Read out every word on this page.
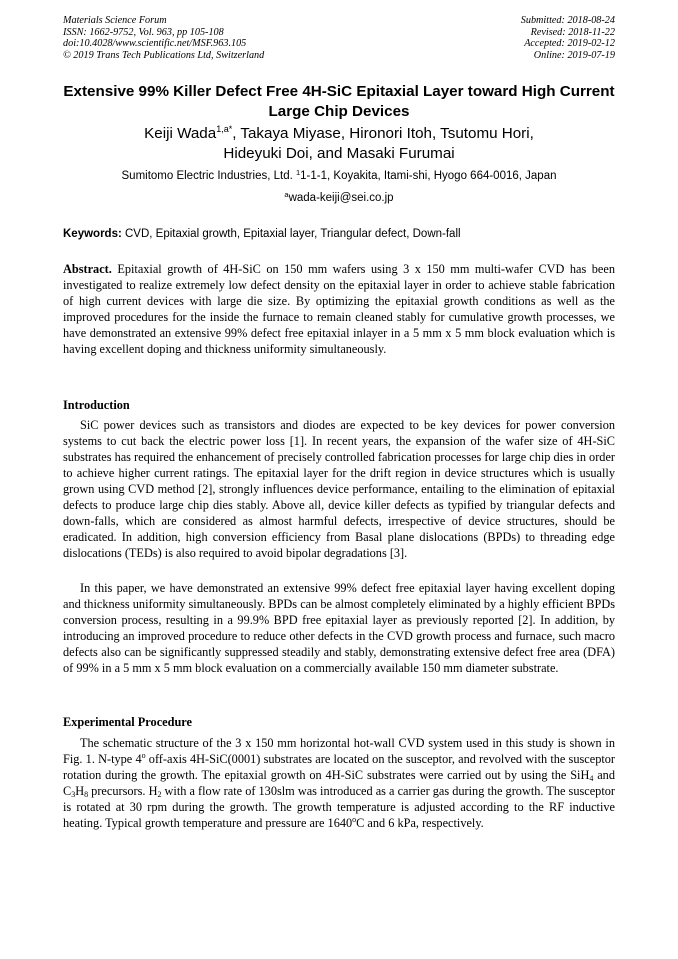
Materials Science Forum
ISSN: 1662-9752, Vol. 963, pp 105-108
doi:10.4028/www.scientific.net/MSF.963.105
© 2019 Trans Tech Publications Ltd, Switzerland
Submitted: 2018-08-24
Revised: 2018-11-22
Accepted: 2019-02-12
Online: 2019-07-19
Extensive 99% Killer Defect Free 4H-SiC Epitaxial Layer toward High Current Large Chip Devices
Keiji Wada$^{1,a*}$, Takaya Miyase, Hironori Itoh, Tsutomu Hori,
Hideyuki Doi, and Masaki Furumai
Sumitomo Electric Industries, Ltd. $^1$1-1-1, Koyakita, Itami-shi, Hyogo 664-0016, Japan
$^a$wada-keiji@sei.co.jp
Keywords: CVD, Epitaxial growth, Epitaxial layer, Triangular defect, Down-fall
Abstract. Epitaxial growth of 4H-SiC on 150 mm wafers using 3 x 150 mm multi-wafer CVD has been investigated to realize extremely low defect density on the epitaxial layer in order to achieve stable fabrication of high current devices with large die size. By optimizing the epitaxial growth conditions as well as the improved procedures for the inside the furnace to remain cleaned stably for cumulative growth processes, we have demonstrated an extensive 99% defect free epitaxial inlayer in a 5 mm x 5 mm block evaluation which is having excellent doping and thickness uniformity simultaneously.
Introduction
SiC power devices such as transistors and diodes are expected to be key devices for power conversion systems to cut back the electric power loss [1]. In recent years, the expansion of the wafer size of 4H-SiC substrates has required the enhancement of precisely controlled fabrication processes for large chip dies in order to achieve higher current ratings. The epitaxial layer for the drift region in device structures which is usually grown using CVD method [2], strongly influences device performance, entailing to the elimination of epitaxial defects to produce large chip dies stably. Above all, device killer defects as typified by triangular defects and down-falls, which are considered as almost harmful defects, irrespective of device structures, should be eradicated. In addition, high conversion efficiency from Basal plane dislocations (BPDs) to threading edge dislocations (TEDs) is also required to avoid bipolar degradations [3].
In this paper, we have demonstrated an extensive 99% defect free epitaxial layer having excellent doping and thickness uniformity simultaneously. BPDs can be almost completely eliminated by a highly efficient BPDs conversion process, resulting in a 99.9% BPD free epitaxial layer as previously reported [2]. In addition, by introducing an improved procedure to reduce other defects in the CVD growth process and furnace, such macro defects also can be significantly suppressed steadily and stably, demonstrating extensive defect free area (DFA) of 99% in a 5 mm x 5 mm block evaluation on a commercially available 150 mm diameter substrate.
Experimental Procedure
The schematic structure of the 3 x 150 mm horizontal hot-wall CVD system used in this study is shown in Fig. 1. N-type 4$^o$ off-axis 4H-SiC(0001) substrates are located on the susceptor, and revolved with the susceptor rotation during the growth. The epitaxial growth on 4H-SiC substrates were carried out by using the SiH$_4$ and $C_3H_8$ precursors. $H_2$ with a flow rate of 130slm was introduced as a carrier gas during the growth. The susceptor is rotated at 30 rpm during the growth. The growth temperature is adjusted according to the RF inductive heating. Typical growth temperature and pressure are 1640$^o$C and 6 kPa, respectively.
